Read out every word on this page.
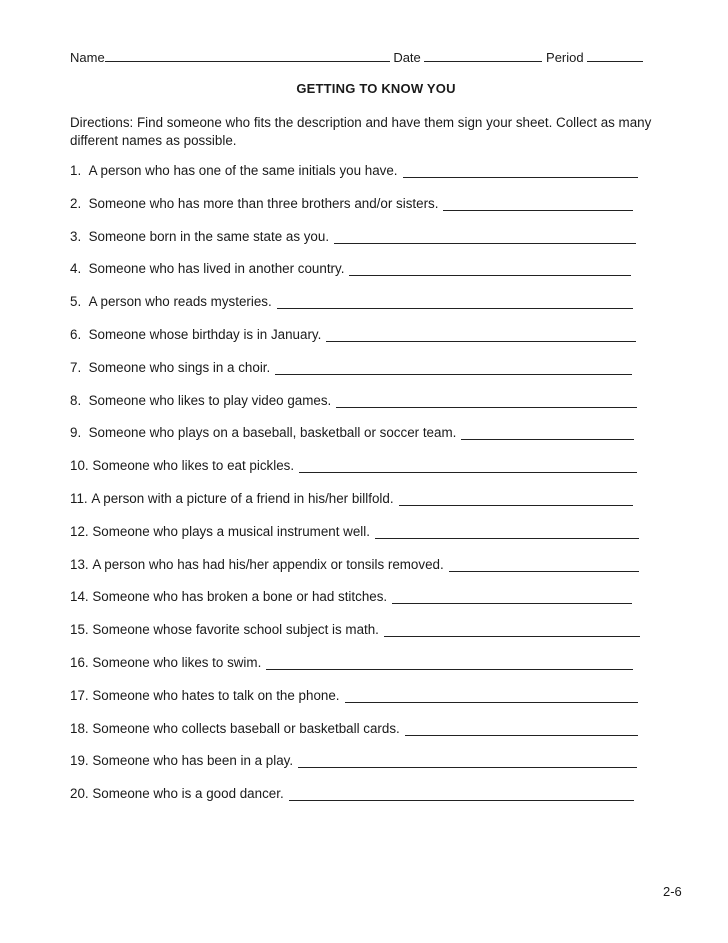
Name	Date	Period
GETTING TO KNOW YOU
Directions: Find someone who fits the description and have them sign your sheet. Collect as many different names as possible.
1. A person who has one of the same initials you have.
2. Someone who has more than three brothers and/or sisters.
3. Someone born in the same state as you.
4. Someone who has lived in another country.
5. A person who reads mysteries.
6. Someone whose birthday is in January.
7. Someone who sings in a choir.
8. Someone who likes to play video games.
9. Someone who plays on a baseball, basketball or soccer team.
10. Someone who likes to eat pickles.
11. A person with a picture of a friend in his/her billfold.
12. Someone who plays a musical instrument well.
13. A person who has had his/her appendix or tonsils removed.
14. Someone who has broken a bone or had stitches.
15. Someone whose favorite school subject is math.
16. Someone who likes to swim.
17. Someone who hates to talk on the phone.
18. Someone who collects baseball or basketball cards.
19. Someone who has been in a play.
20. Someone who is a good dancer.
2-6
